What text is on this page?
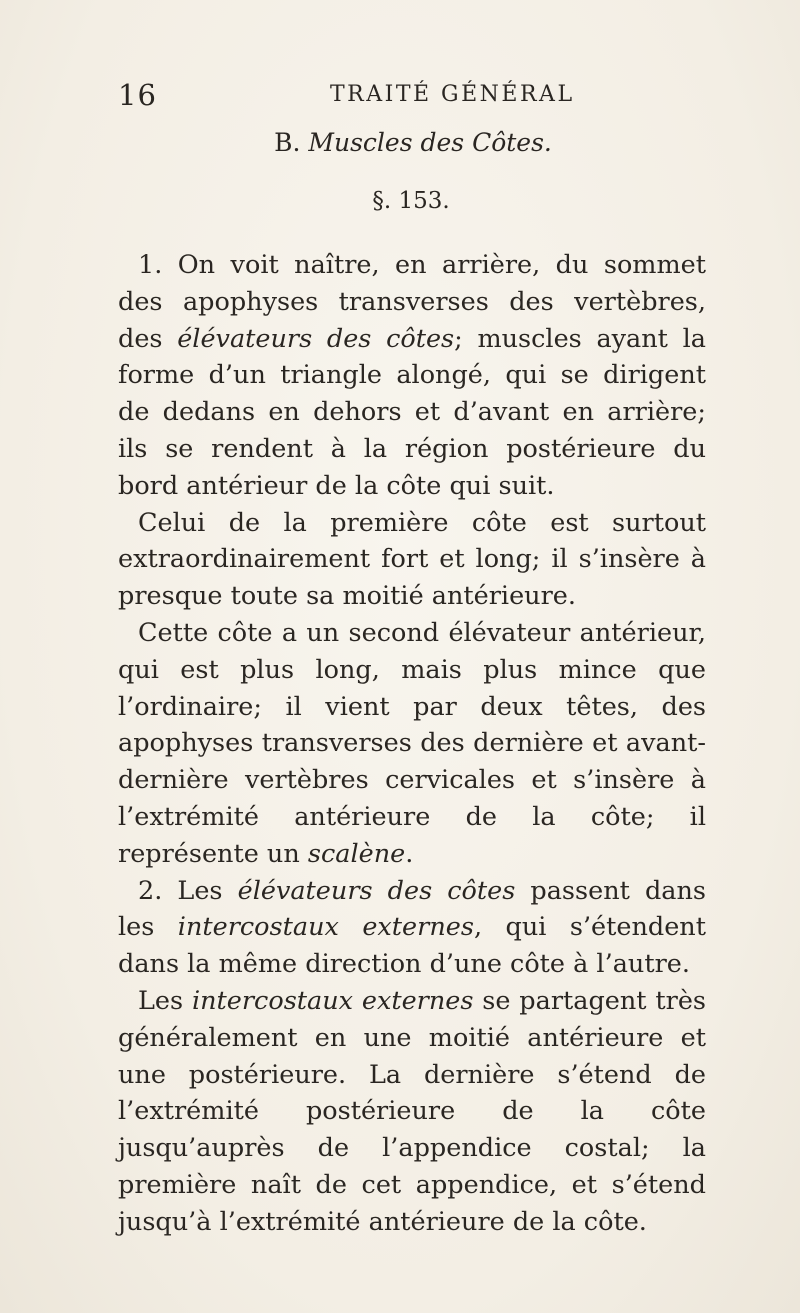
16	TRAITÉ GÉNÉRAL
B. Muscles des Côtes.
§. 153.

1. On voit naître, en arrière, du sommet des apophyses transverses des vertèbres, des élévateurs des côtes; muscles ayant la forme d’un triangle alongé, qui se dirigent de dedans en dehors et d’avant en arrière; ils se rendent à la région postérieure du bord antérieur de la côte qui suit.

Celui de la première côte est surtout extraordinairement fort et long; il s’insère à presque toute sa moitié antérieure.

Cette côte a un second élévateur antérieur, qui est plus long, mais plus mince que l’ordinaire; il vient par deux têtes, des apophyses transverses des dernière et avant-dernière vertèbres cervicales et s’insère à l’extrémité antérieure de la côte; il représente un scalène.

2. Les élévateurs des côtes passent dans les intercostaux externes, qui s’étendent dans la même direction d’une côte à l’autre.

Les intercostaux externes se partagent très généralement en une moitié antérieure et une postérieure. La dernière s’étend de l’extrémité postérieure de la côte jusqu’auprès de l’appendice costal; la première naît de cet appendice, et s’étend jusqu’à l’extrémité antérieure de la côte.
